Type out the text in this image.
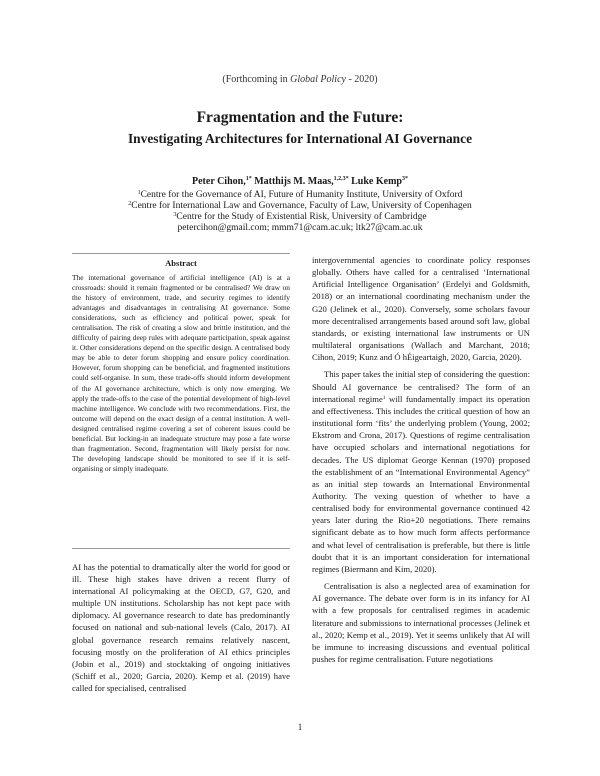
(Forthcoming in Global Policy - 2020)
Fragmentation and the Future:
Investigating Architectures for International AI Governance
Peter Cihon,$^{1*}$ Matthijs M. Maas,$^{1,2,3*}$ Luke Kemp$^{3*}$
$^1$Centre for the Governance of AI, Future of Humanity Institute, University of Oxford
$^2$Centre for International Law and Governance, Faculty of Law, University of Copenhagen
$^3$Centre for the Study of Existential Risk, University of Cambridge
petercihon@gmail.com; mmm71@cam.ac.uk; ltk27@cam.ac.uk
Abstract
The international governance of artificial intelligence (AI) is at a crossroads: should it remain fragmented or be centralised? We draw on the history of environment, trade, and security regimes to identify advantages and disadvantages in centralising AI governance. Some considerations, such as efficiency and political power, speak for centralisation. The risk of creating a slow and brittle institution, and the difficulty of pairing deep rules with adequate participation, speak against it. Other considerations depend on the specific design. A centralised body may be able to deter forum shopping and ensure policy coordination. However, forum shopping can be beneficial, and fragmented institutions could self-organise. In sum, these trade-offs should inform development of the AI governance architecture, which is only now emerging. We apply the trade-offs to the case of the potential development of high-level machine intelligence. We conclude with two recommendations. First, the outcome will depend on the exact design of a central institution. A well-designed centralised regime covering a set of coherent issues could be beneficial. But locking-in an inadequate structure may pose a fate worse than fragmentation. Second, fragmentation will likely persist for now. The developing landscape should be monitored to see if it is self-organising or simply inadequate.
AI has the potential to dramatically alter the world for good or ill. These high stakes have driven a recent flurry of international AI policymaking at the OECD, G7, G20, and multiple UN institutions. Scholarship has not kept pace with diplomacy. AI governance research to date has predominantly focused on national and sub-national levels (Calo, 2017). AI global governance research remains relatively nascent, focusing mostly on the proliferation of AI ethics principles (Jobin et al., 2019) and stocktaking of ongoing initiatives (Schiff et al., 2020; Garcia, 2020). Kemp et al. (2019) have called for specialised, centralised

intergovernmental agencies to coordinate policy responses globally. Others have called for a centralised ‘International Artificial Intelligence Organisation’ (Erdelyi and Goldsmith, 2018) or an international coordinating mechanism under the G20 (Jelinek et al., 2020). Conversely, some scholars favour more decentralised arrangements based around soft law, global standards, or existing international law instruments or UN multilateral organisations (Wallach and Marchant, 2018; Cihon, 2019; Kunz and Ó hÉigeartaigh, 2020, Garcia, 2020).

This paper takes the initial step of considering the question: Should AI governance be centralised? The form of an international regime$^1$ will fundamentally impact its operation and effectiveness. This includes the critical question of how an institutional form ‘fits’ the underlying problem (Young, 2002; Ekstrom and Crona, 2017). Questions of regime centralisation have occupied scholars and international negotiations for decades. The US diplomat George Kennan (1970) proposed the establishment of an “International Environmental Agency” as an initial step towards an International Environmental Authority. The vexing question of whether to have a centralised body for environmental governance continued 42 years later during the Rio+20 negotiations. There remains significant debate as to how much form affects performance and what level of centralisation is preferable, but there is little doubt that it is an important consideration for international regimes (Biermann and Kim, 2020).

Centralisation is also a neglected area of examination for AI governance. The debate over form is in its infancy for AI with a few proposals for centralised regimes in academic literature and submissions to international processes (Jelinek et al., 2020; Kemp et al., 2019). Yet it seems unlikely that AI will be immune to increasing discussions and eventual political pushes for regime centralisation. Future negotiations

1
